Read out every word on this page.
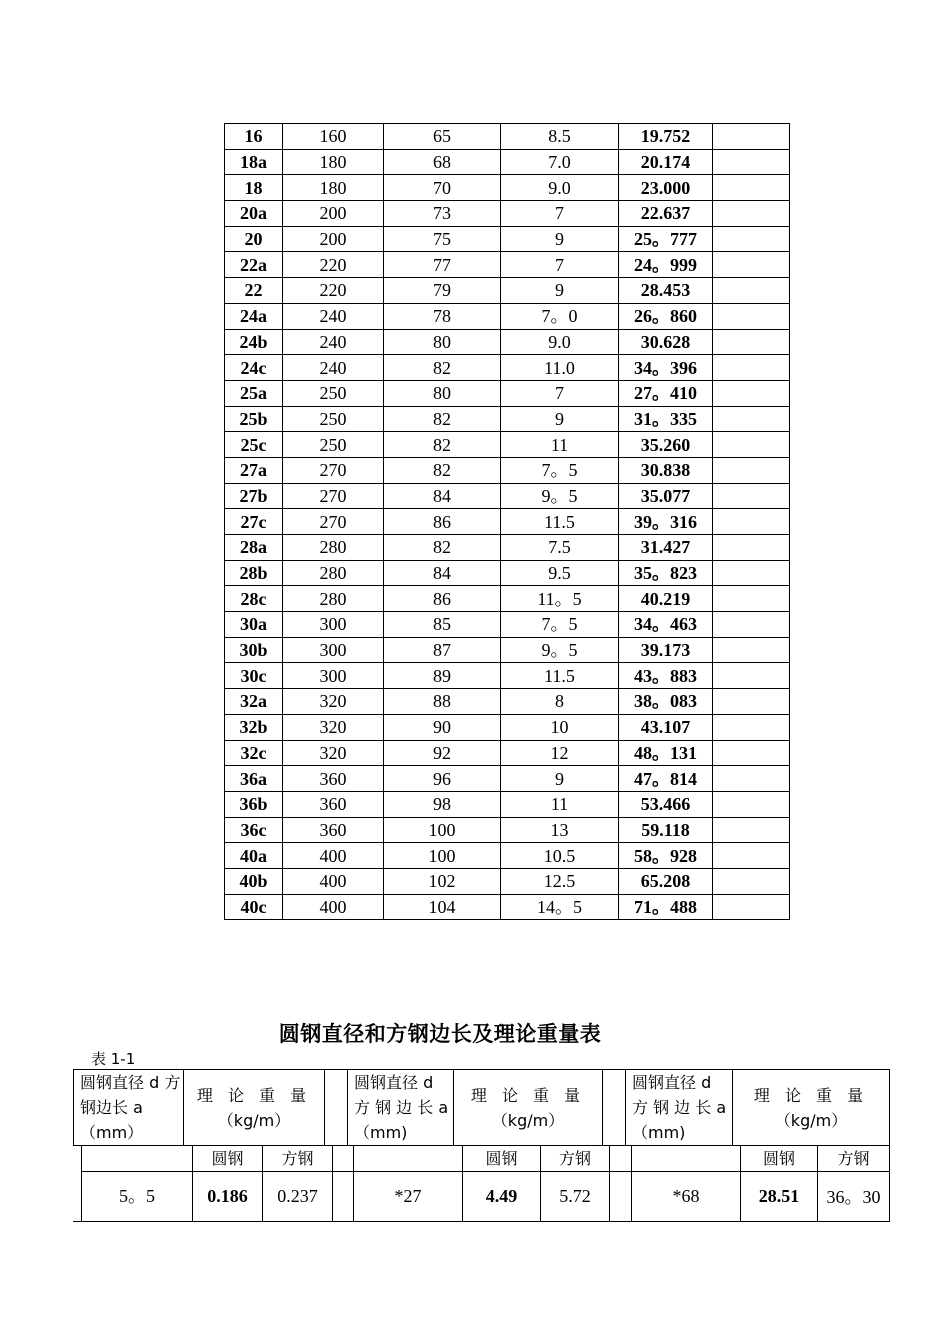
16	160	65	8.5	19.752	
18a	180	68	7.0	20.174	
18	180	70	9.0	23.000	
20a	200	73	7	22.637	
20	200	75	9	25。777	
22a	220	77	7	24。999	
22	220	79	9	28.453	
24a	240	78	7。0	26。860	
24b	240	80	9.0	30.628	
24c	240	82	11.0	34。396	
25a	250	80	7	27。410	
25b	250	82	9	31。335	
25c	250	82	11	35.260	
27a	270	82	7。5	30.838	
27b	270	84	9。5	35.077	
27c	270	86	11.5	39。316	
28a	280	82	7.5	31.427	
28b	280	84	9.5	35。823	
28c	280	86	11。5	40.219	
30a	300	85	7。5	34。463	
30b	300	87	9。5	39.173	
30c	300	89	11.5	43。883	
32a	320	88	8	38。083	
32b	320	90	10	43.107	
32c	320	92	12	48。131	
36a	360	96	9	47。814	
36b	360	98	11	53.466	
36c	360	100	13	59.118	
40a	400	100	10.5	58。928	
40b	400	102	12.5	65.208	
40c	400	104	14。5	71。488	
圆钢直径和方钢边长及理论重量表
表 1-1
圆钢直径 d 方钢边长 a（mm）
理 论 重 量
（kg/m）
圆钢直径 d 方 钢 边 长 a（mm)
理 论 重 量
（kg/m）
圆钢直径 d 方 钢 边 长 a（mm)
理 论 重 量
（kg/m）
圆钢	方钢	圆钢	方钢	圆钢	方钢
5。5	0.186	0.237	*27	4.49	5.72	*68	28.51	36。30
